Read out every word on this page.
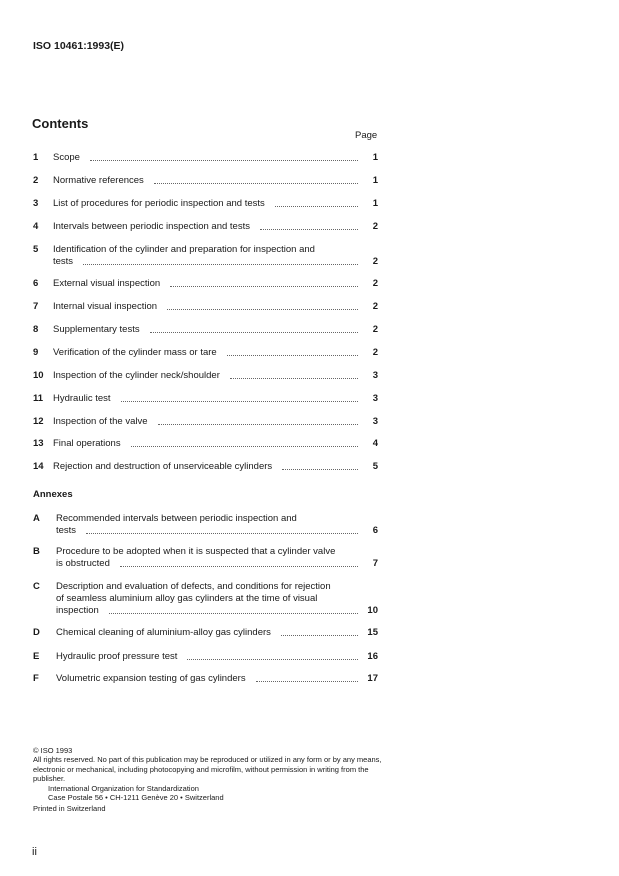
ISO 10461:1993(E)
Contents
Page
1 Scope	1
2 Normative references	1
3 List of procedures for periodic inspection and tests	1
4 Intervals between periodic inspection and tests	2
5 Identification of the cylinder and preparation for inspection and
tests	2
6 External visual inspection	2
7 Internal visual inspection	2
8 Supplementary tests	2
9 Verification of the cylinder mass or tare	2
10 Inspection of the cylinder neck/shoulder	3
11 Hydraulic test	3
12 Inspection of the valve	3
13 Final operations	4
14 Rejection and destruction of unserviceable cylinders	5
Annexes
A Recommended intervals between periodic inspection and
tests	6
B Procedure to be adopted when it is suspected that a cylinder valve
is obstructed	7
C Description and evaluation of defects, and conditions for rejection
of seamless aluminium alloy gas cylinders at the time of visual
inspection	10
D Chemical cleaning of aluminium-alloy gas cylinders	15
E Hydraulic proof pressure test	16
F Volumetric expansion testing of gas cylinders	17
© ISO 1993
All rights reserved. No part of this publication may be reproduced or utilized in any form or by any means, electronic or mechanical, including photocopying and microfilm, without permission in writing from the publisher.
International Organization for Standardization
Case Postale 56 • CH-1211 Genève 20 • Switzerland
Printed in Switzerland
ii
